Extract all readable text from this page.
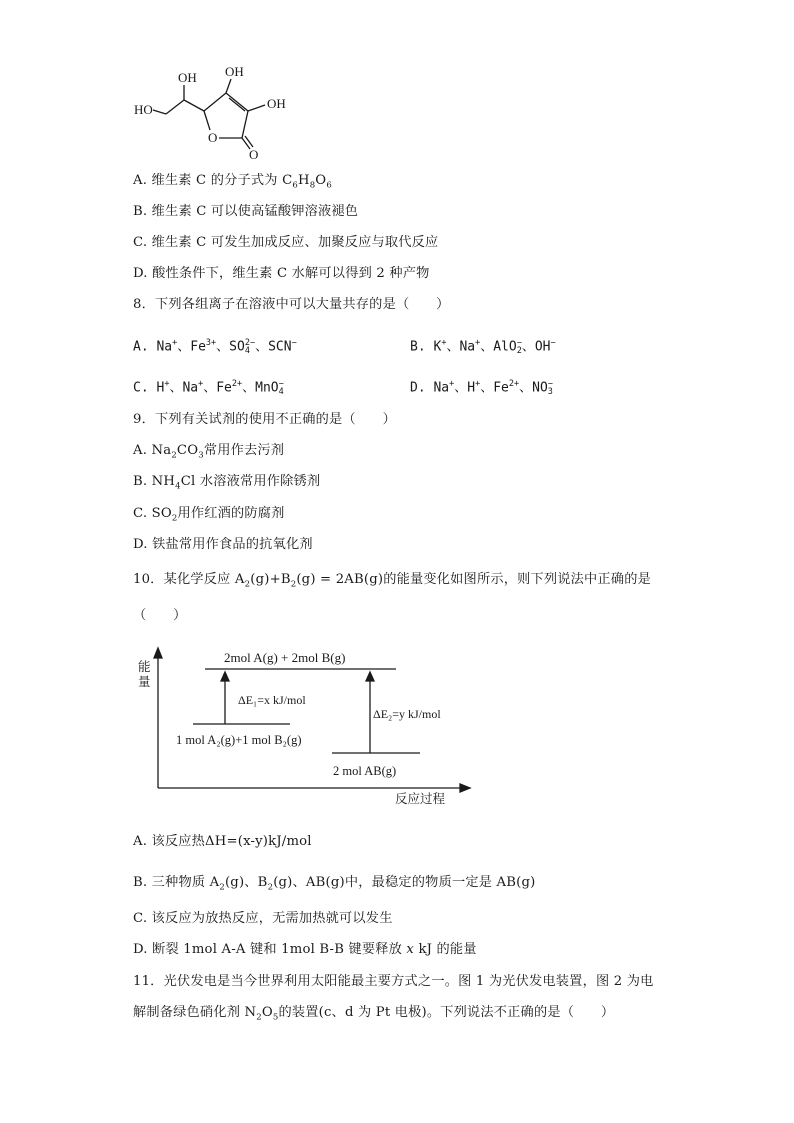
OH OH
OH
HO
O
O
A. 维生素 C 的分子式为 $C_6H_8O_6$
B. 维生素 C 可以使高锰酸钾溶液褪色
C. 维生素 C 可发生加成反应、加聚反应与取代反应
D. 酸性条件下，维生素 C 水解可以得到 2 种产物
8．下列各组离子在溶液中可以大量共存的是（　　）
A. Na+、$Fe^{3+}$、SO 2−
4 、SCN−	B. K+、Na+、AlO −
2 、OH−
C. H+、Na+、$Fe^{2+}$、MnO −
4	D. Na+、H+、$Fe^{2+}$、NO −
3
9．下列有关试剂的使用不正确的是（　　）
A. $Na_2CO_3$常用作去污剂
B. $NH_4Cl$ 水溶液常用作除锈剂
C. $SO_2$用作红酒的防腐剂
D. 铁盐常用作食品的抗氧化剂
10．某化学反应 $A_2(g)+B_2(g) = 2AB(g)$的能量变化如图所示，则下列说法中正确的是
（　　）
能量
反应过程
2mol A(g) + 2mol B(g)
ΔE₁=x kJ/mol
ΔE₂=y kJ/mol
1 mol A₂(g)+1 mol B₂(g)
2 mol AB(g)
A. 该反应热ΔH=(x-y)kJ/mol
B. 三种物质 $A_2(g)$、$B_2(g)$、AB(g)中，最稳定的物质一定是 AB(g)
C. 该反应为放热反应，无需加热就可以发生
D. 断裂 1mol A-A 键和 1mol B-B 键要释放 x kJ 的能量
11．光伏发电是当今世界利用太阳能最主要方式之一。图 1 为光伏发电装置，图 2 为电
解制备绿色硝化剂 $N_2O_5$的装置(c、d 为 Pt 电极)。下列说法不正确的是（　　）
